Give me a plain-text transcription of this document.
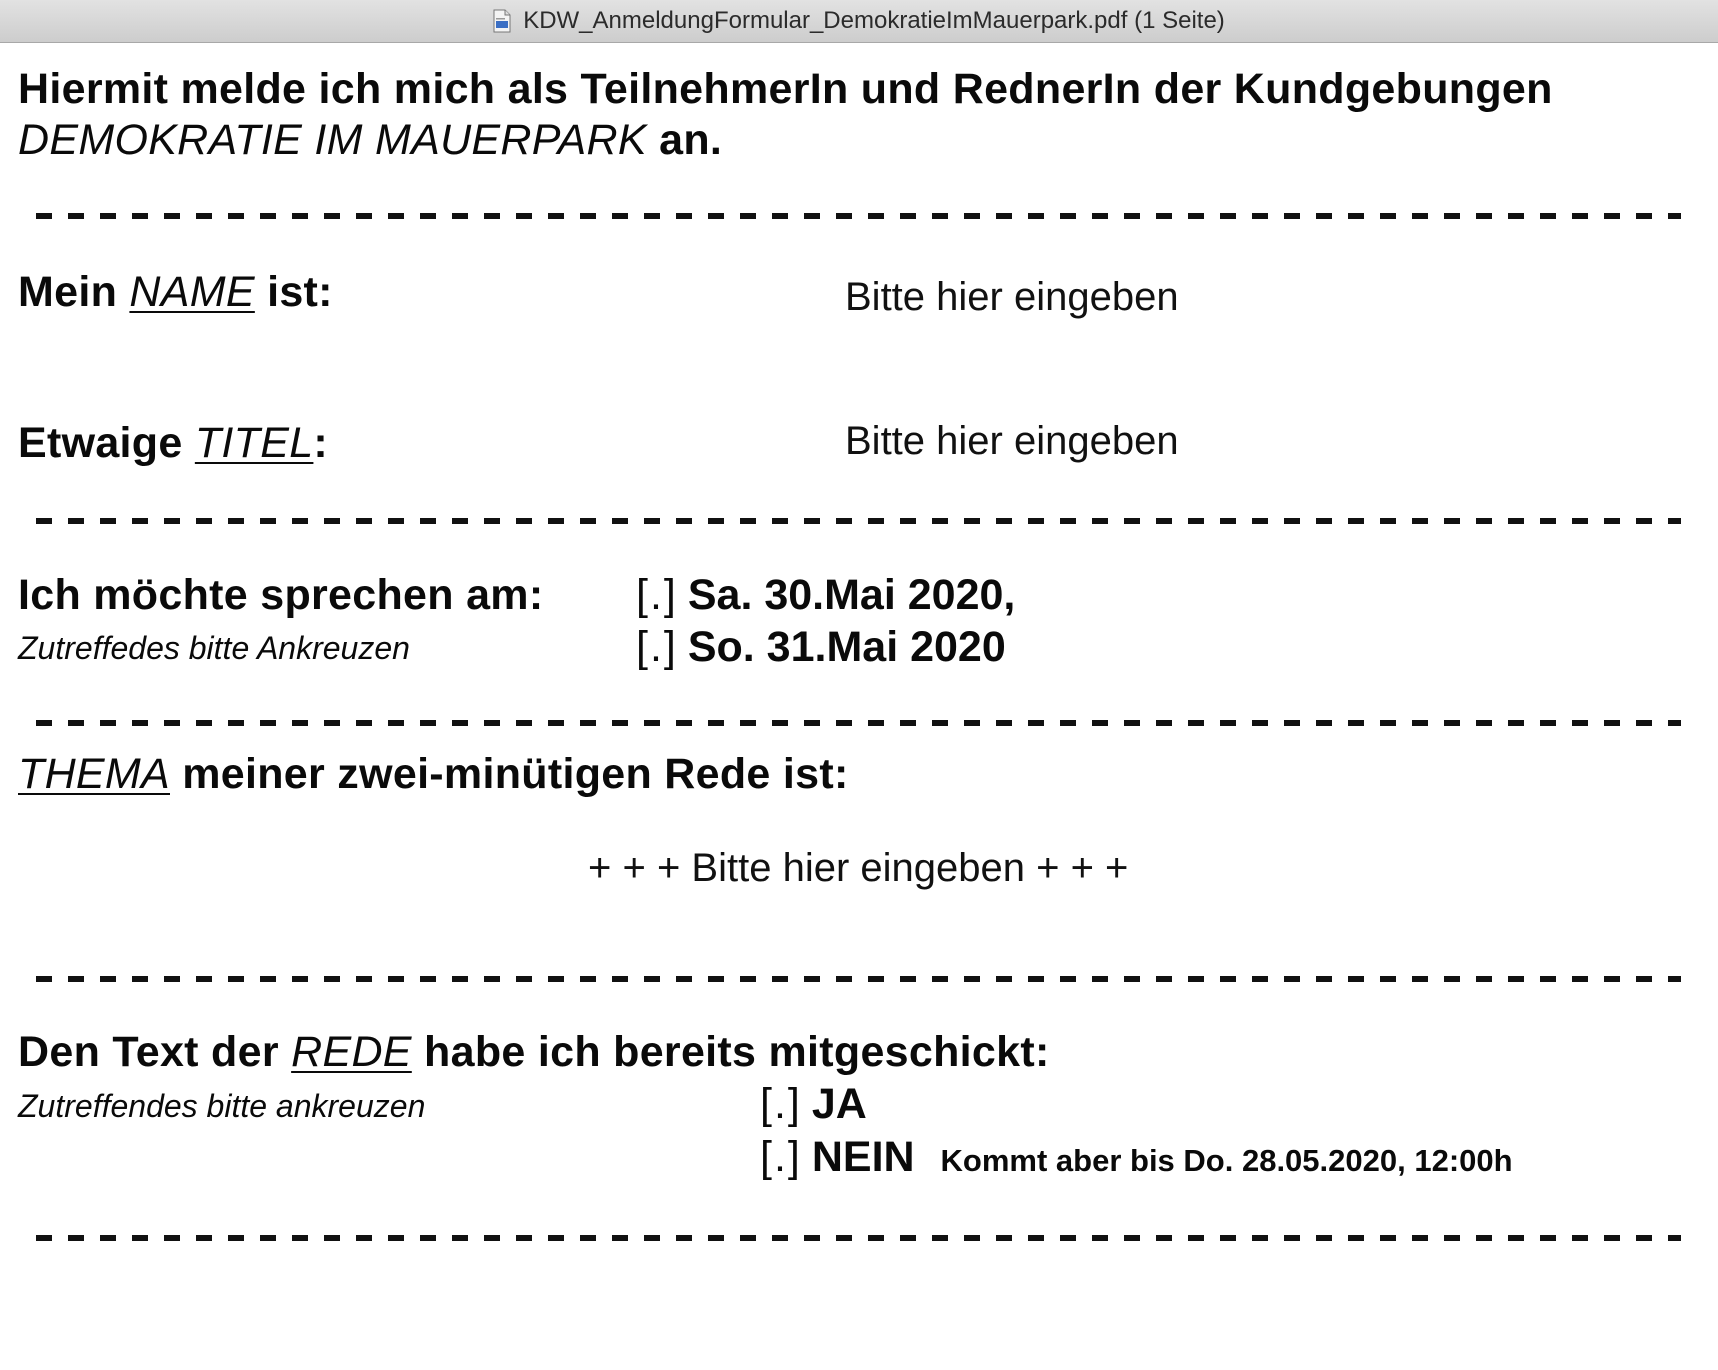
KDW_AnmeldungFormular_DemokratieImMauerpark.pdf (1 Seite)
Hiermit melde ich mich als TeilnehmerIn und RednerIn der Kundgebungen
DEMOKRATIE IM MAUERPARK an.
Mein NAME ist:	Bitte hier eingeben
Etwaige TITEL:	Bitte hier eingeben
Ich möchte sprechen am:
Zutreffedes bitte Ankreuzen
[.] Sa. 30.Mai 2020,
[.] So. 31.Mai 2020
THEMA meiner zwei-minütigen Rede ist:
+ + + Bitte hier eingeben + + +
Den Text der REDE habe ich bereits mitgeschickt:
Zutreffendes bitte ankreuzen	[.] JA
[.] NEIN Kommt aber bis Do. 28.05.2020, 12:00h
